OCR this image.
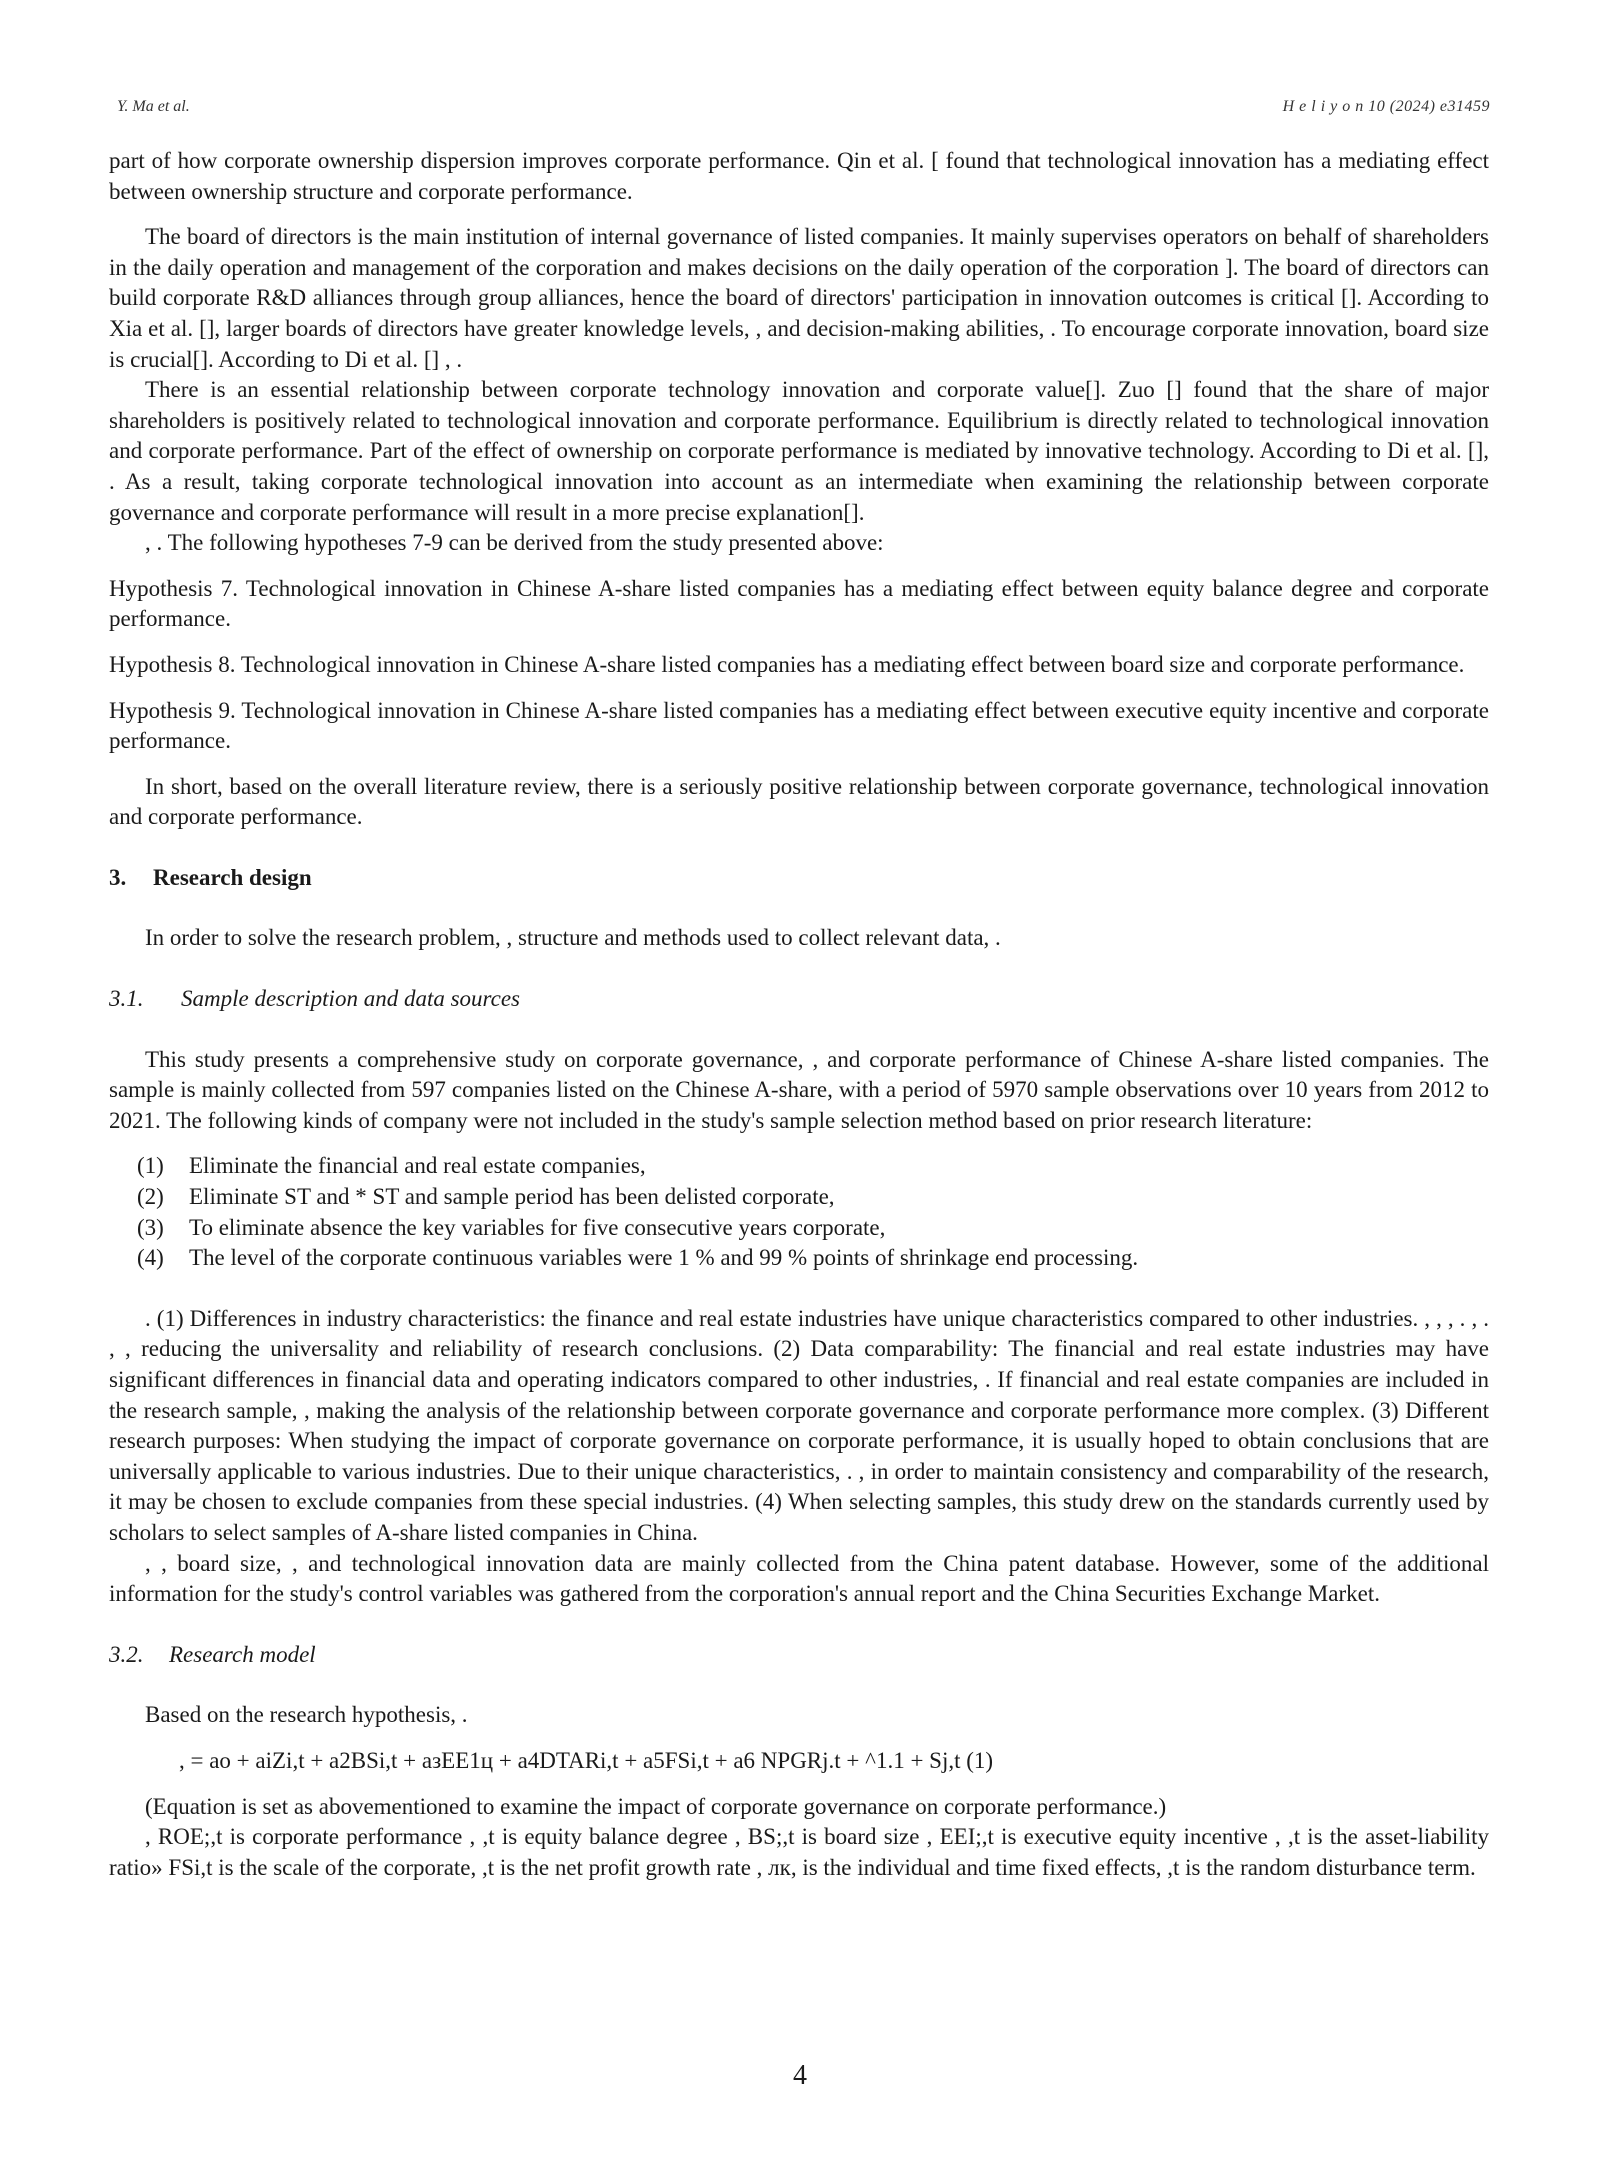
Y. Ma et al.	H e l i y o n 10 (2024) e31459

part of how corporate ownership dispersion improves corporate performance. Qin et al. [ found that technological innovation has a mediating effect between ownership structure and corporate performance.

The board of directors is the main institution of internal governance of listed companies. It mainly supervises operators on behalf of shareholders in the daily operation and management of the corporation and makes decisions on the daily operation of the corporation ]. The board of directors can build corporate R&D alliances through group alliances, hence the board of directors' participation in innovation outcomes is critical []. According to Xia et al. [], larger boards of directors have greater knowledge levels, , and decision-making abilities, . To encourage corporate innovation, board size is crucial[]. According to Di et al. [] , .

There is an essential relationship between corporate technology innovation and corporate value[]. Zuo [] found that the share of major shareholders is positively related to technological innovation and corporate performance. Equilibrium is directly related to technological innovation and corporate performance. Part of the effect of ownership on corporate performance is mediated by innovative technology. According to Di et al. [], . As a result, taking corporate technological innovation into account as an intermediate when examining the relationship between corporate governance and corporate performance will result in a more precise explanation[].

, . The following hypotheses 7-9 can be derived from the study presented above:

Hypothesis 7. Technological innovation in Chinese A-share listed companies has a mediating effect between equity balance degree and corporate performance.

Hypothesis 8. Technological innovation in Chinese A-share listed companies has a mediating effect between board size and corporate performance.

Hypothesis 9. Technological innovation in Chinese A-share listed companies has a mediating effect between executive equity incentive and corporate performance.

In short, based on the overall literature review, there is a seriously positive relationship between corporate governance, technological innovation and corporate performance.

3. Research design

In order to solve the research problem, , structure and methods used to collect relevant data, .

3.1. Sample description and data sources

This study presents a comprehensive study on corporate governance, , and corporate performance of Chinese A-share listed companies. The sample is mainly collected from 597 companies listed on the Chinese A-share, with a period of 5970 sample observations over 10 years from 2012 to 2021. The following kinds of company were not included in the study's sample selection method based on prior research literature:

(1)	Eliminate the financial and real estate companies,
(2)	Eliminate ST and * ST and sample period has been delisted corporate,
(3)	To eliminate absence the key variables for five consecutive years corporate,
(4)	The level of the corporate continuous variables were 1 % and 99 % points of shrinkage end processing.

. (1) Differences in industry characteristics: the finance and real estate industries have unique characteristics compared to other industries. , , , . , . , , reducing the universality and reliability of research conclusions. (2) Data comparability: The financial and real estate industries may have significant differences in financial data and operating indicators compared to other industries, . If financial and real estate companies are included in the research sample, , making the analysis of the relationship between corporate governance and corporate performance more complex. (3) Different research purposes: When studying the impact of corporate governance on corporate performance, it is usually hoped to obtain conclusions that are universally applicable to various industries. Due to their unique characteristics, . , in order to maintain consistency and comparability of the research, it may be chosen to exclude companies from these special industries. (4) When selecting samples, this study drew on the standards currently used by scholars to select samples of A-share listed companies in China.

, , board size, , and technological innovation data are mainly collected from the China patent database. However, some of the additional information for the study's control variables was gathered from the corporation's annual report and the China Securities Exchange Market.

3.2. Research model

Based on the research hypothesis, .

, = ao + aiZi,t + a2BSi,t + aзEE1ц + a4DTARi,t + a5FSi,t + a6 NPGRj.t + ^1.1 + Sj,t (1)

(Equation is set as abovementioned to examine the impact of corporate governance on corporate performance.)

, ROE;,t is corporate performance , ,t is equity balance degree , BS;,t is board size , EEI;,t is executive equity incentive , ,t is the asset-liability ratio» FSi,t is the scale of the corporate, ,t is the net profit growth rate , лк, is the individual and time fixed effects, ,t is the random disturbance term.

4
